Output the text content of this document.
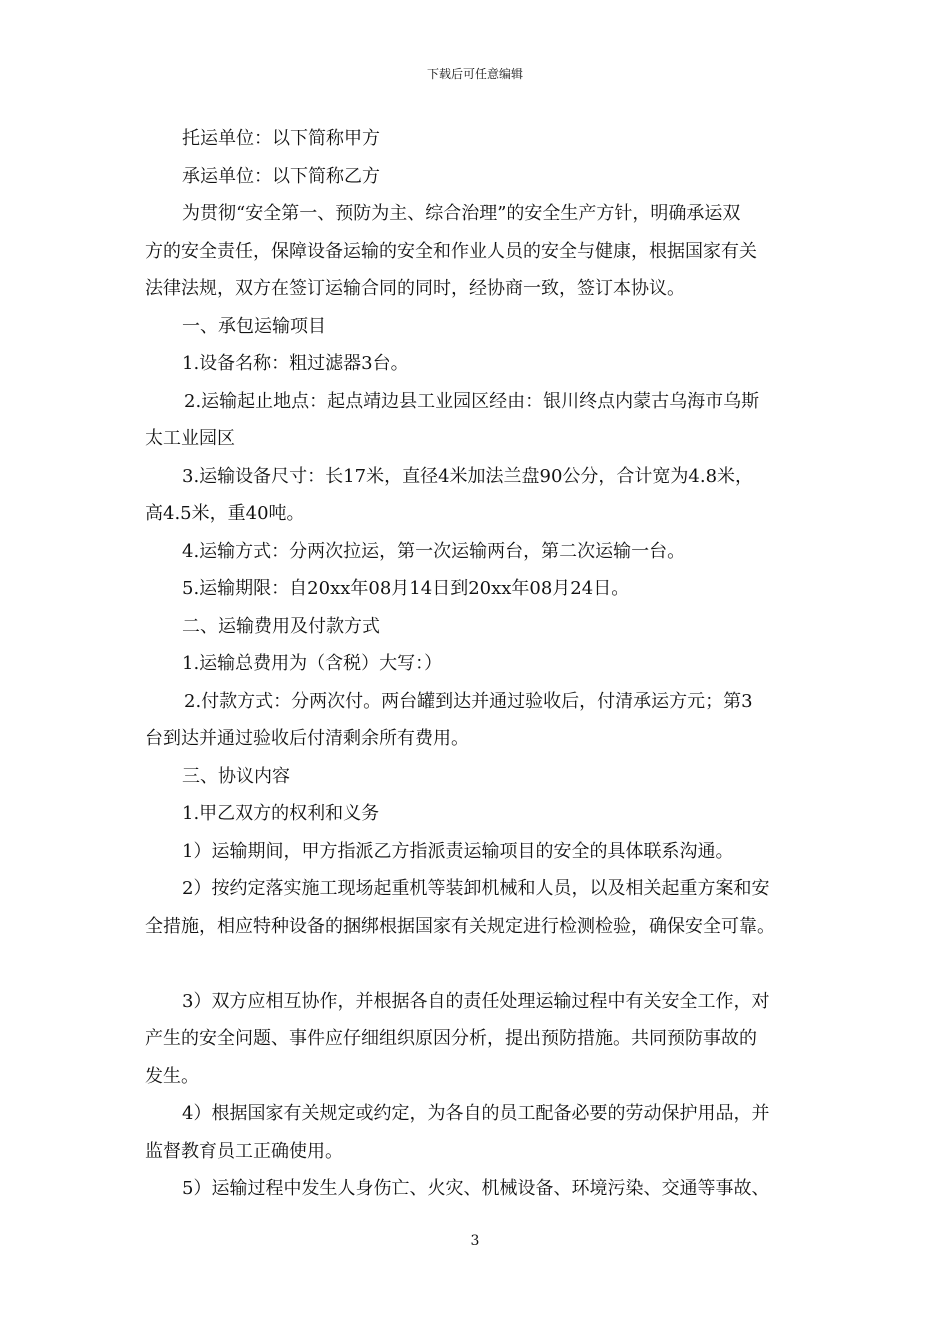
下载后可任意编辑

托运单位：以下简称甲方

承运单位：以下简称乙方

为贯彻“安全第一、预防为主、综合治理”的安全生产方针，明确承运双

方的安全责任，保障设备运输的安全和作业人员的安全与健康，根据国家有关

法律法规，双方在签订运输合同的同时，经协商一致，签订本协议。

一、承包运输项目

1.设备名称：粗过滤器3台。

2.运输起止地点：起点靖边县工业园区经由：银川终点内蒙古乌海市乌斯

太工业园区

3.运输设备尺寸：长17米，直径4米加法兰盘90公分，合计宽为4.8米，

高4.5米，重40吨。

4.运输方式：分两次拉运，第一次运输两台，第二次运输一台。

5.运输期限：自20xx年08月14日到20xx年08月24日。

二、运输费用及付款方式

1.运输总费用为（含税）大写：）

2.付款方式：分两次付。两台罐到达并通过验收后，付清承运方元；第3

台到达并通过验收后付清剩余所有费用。

三、协议内容

1.甲乙双方的权利和义务

1）运输期间，甲方指派乙方指派责运输项目的安全的具体联系沟通。

2）按约定落实施工现场起重机等装卸机械和人员，以及相关起重方案和安

全措施，相应特种设备的捆绑根据国家有关规定进行检测检验，确保安全可靠。

3）双方应相互协作，并根据各自的责任处理运输过程中有关安全工作，对

产生的安全问题、事件应仔细组织原因分析，提出预防措施。共同预防事故的

发生。

4）根据国家有关规定或约定，为各自的员工配备必要的劳动保护用品，并

监督教育员工正确使用。

5）运输过程中发生人身伤亡、火灾、机械设备、环境污染、交通等事故、

3
